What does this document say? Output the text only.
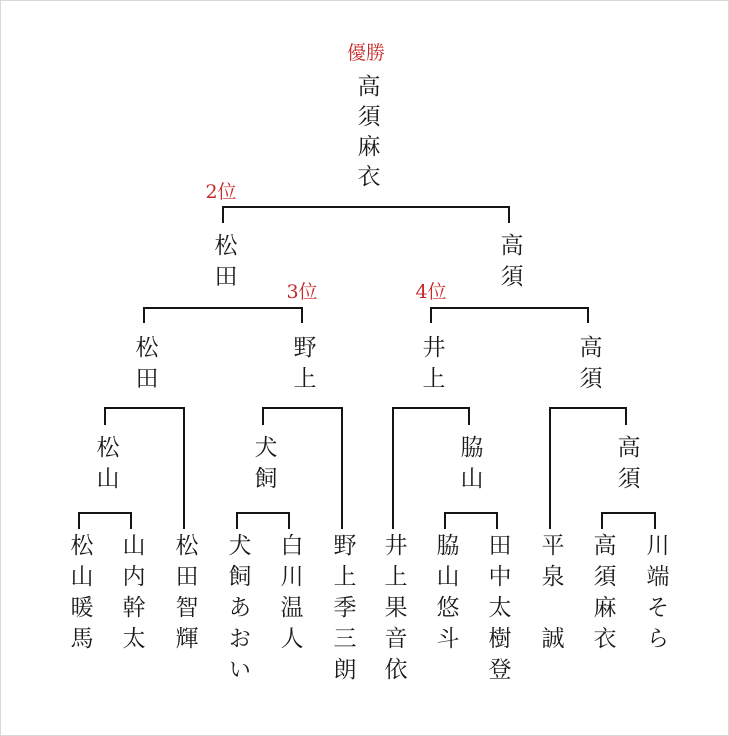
優勝
2位
3位	4位
高須麻衣
松田	高須
松田	野上	井上	高須
松山	犬飼	脇山	高須
松山暖馬 山内幹太 松田智輝 犬飼あおい 白川温人 野上季三朗 井上果音依 脇山悠斗 田中太樹登 平泉　誠 高須麻衣 川端そら
